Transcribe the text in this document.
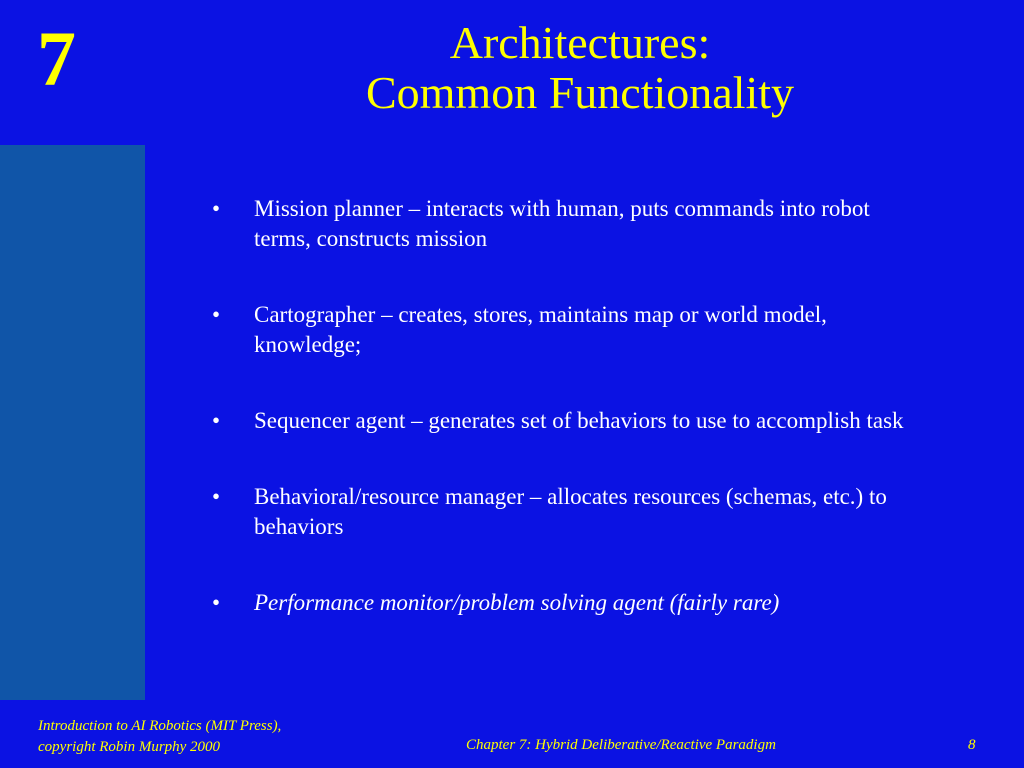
7	Architectures:
Common Functionality
•	Mission planner – interacts with human, puts commands into robot terms, constructs mission
•	Cartographer – creates, stores, maintains map or world model, knowledge;
•	Sequencer agent – generates set of behaviors to use to accomplish task
•	Behavioral/resource manager – allocates resources (schemas, etc.) to behaviors
•	Performance monitor/problem solving agent (fairly rare)
Introduction to AI Robotics (MIT Press),
copyright Robin Murphy 2000	Chapter 7: Hybrid Deliberative/Reactive Paradigm	8
